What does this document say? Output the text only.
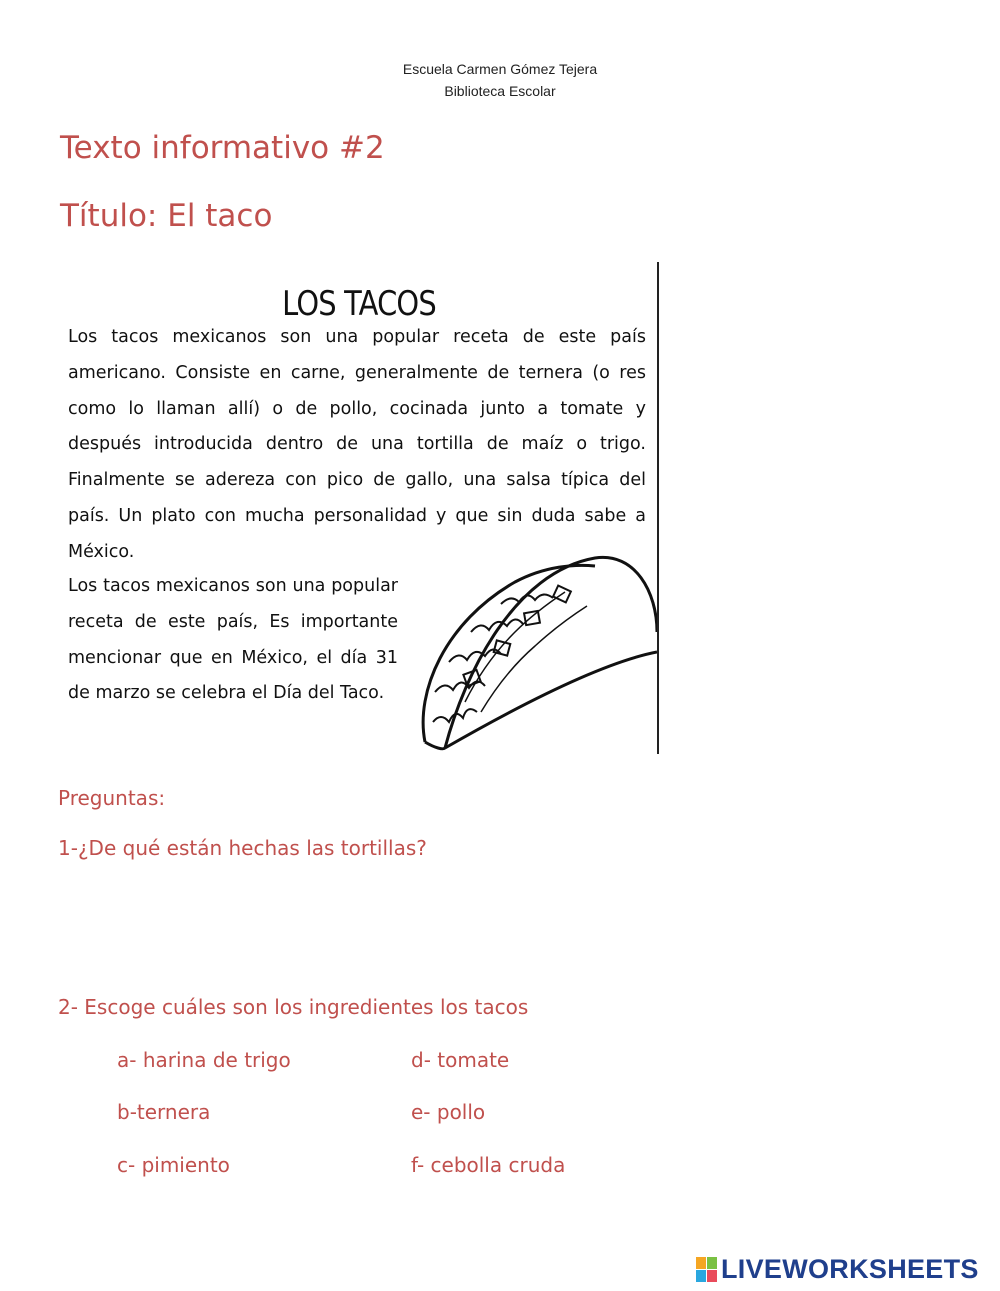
Escuela Carmen Gómez Tejera
Biblioteca Escolar
Texto informativo #2
Título: El taco
LOS TACOS
Los tacos mexicanos son una popular receta de este país americano. Consiste en carne, generalmente de ternera (o res como lo llaman allí) o de pollo, cocinada junto a tomate y después introducida dentro de una tortilla de maíz o trigo. Finalmente se adereza con pico de gallo, una salsa típica del país. Un plato con mucha personalidad y que sin duda sabe a México.
Los tacos mexicanos son una popular receta de este país, Es importante mencionar que en México, el día 31 de marzo se celebra el Día del Taco.
Preguntas:
1-¿De qué están hechas las tortillas?
2- Escoge cuáles son los ingredientes los tacos
a- harina de trigo
b-ternera
c- pimiento
d- tomate
e- pollo
f- cebolla cruda
LIVEWORKSHEETS
